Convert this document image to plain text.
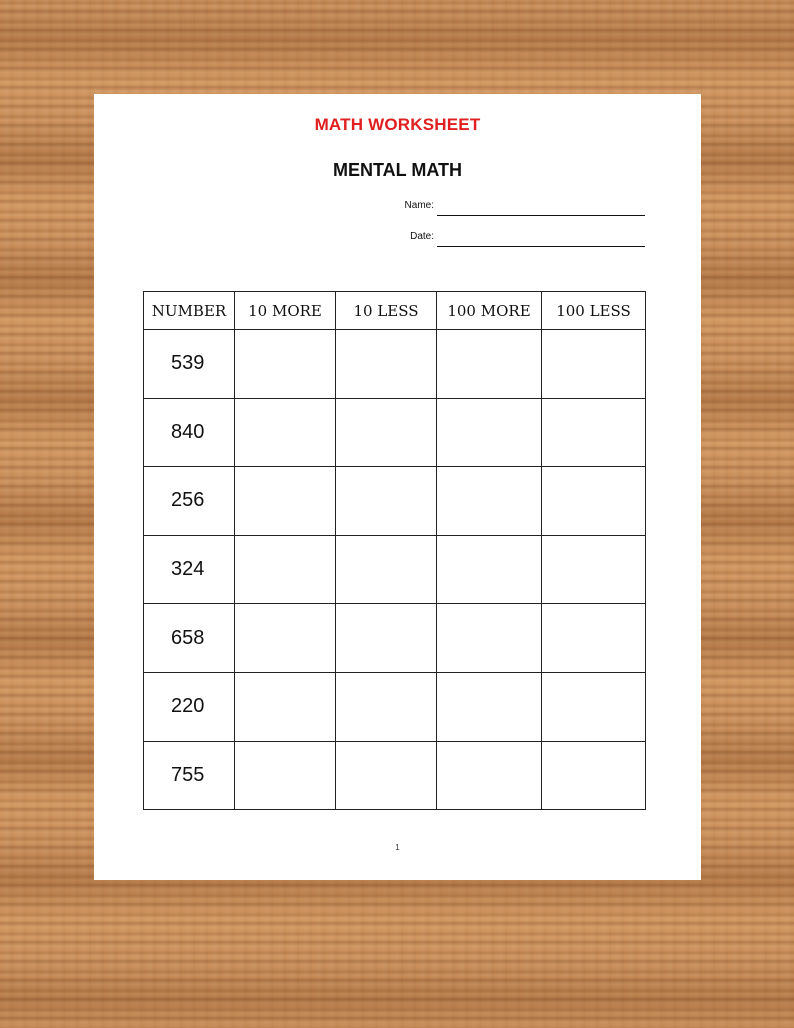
MATH WORKSHEET
MENTAL MATH
Name:
Date:
NUMBER	10 MORE	10 LESS	100 MORE	100 LESS
539				
840				
256				
324				
658				
220				
755				
1
